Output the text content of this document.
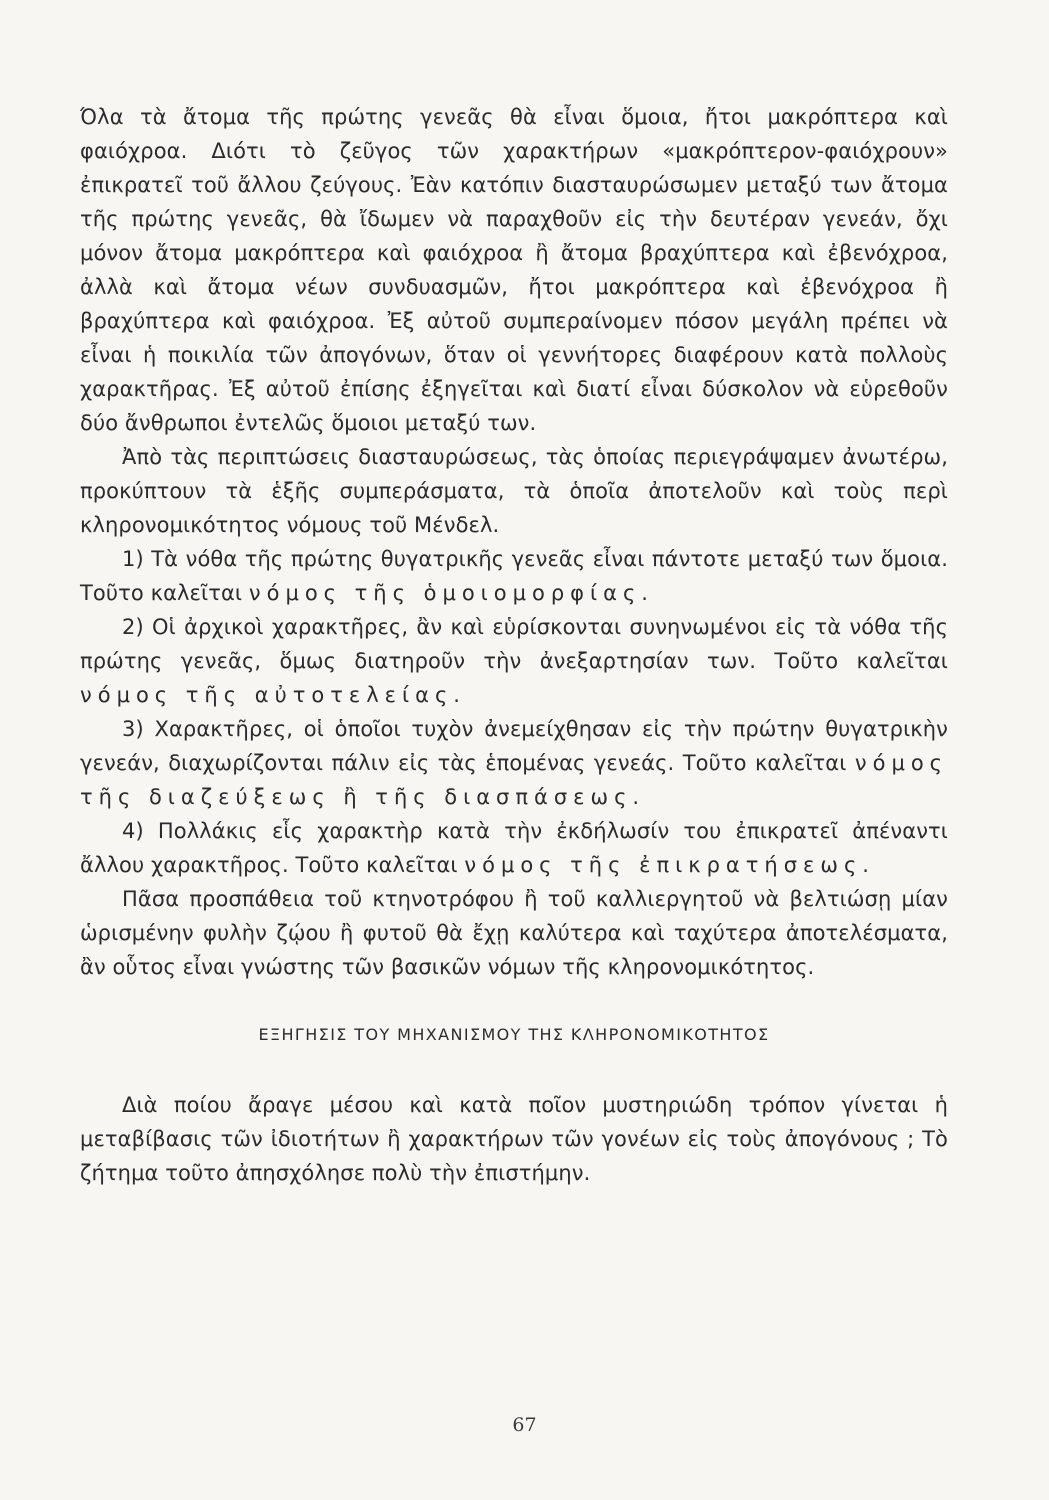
Όλα τὰ ἄτομα τῆς πρώτης γενεᾶς θὰ εἶναι ὅμοια, ἤτοι μακρόπτερα καὶ φαιόχροα. Διότι τὸ ζεῦγος τῶν χαρακτήρων «μακρόπτερον-φαιόχρουν» ἐπικρατεῖ τοῦ ἄλλου ζεύγους. Ἐὰν κατόπιν διασταυρώσωμεν μεταξύ των ἄτομα τῆς πρώτης γενεᾶς, θὰ ἴδωμεν νὰ παραχθοῦν εἰς τὴν δευτέραν γενεάν, ὄχι μόνον ἄτομα μακρόπτερα καὶ φαιόχροα ἢ ἄτομα βραχύπτερα καὶ ἐβενόχροα, ἀλλὰ καὶ ἄτομα νέων συνδυασμῶν, ἤτοι μακρόπτερα καὶ ἐβενόχροα ἢ βραχύπτερα καὶ φαιόχροα. Ἐξ αὐτοῦ συμπεραίνομεν πόσον μεγάλη πρέπει νὰ εἶναι ἡ ποικιλία τῶν ἀπογόνων, ὅταν οἱ γεννήτορες διαφέρουν κατὰ πολλοὺς χαρακτῆρας. Ἐξ αὐτοῦ ἐπίσης ἐξηγεῖται καὶ διατί εἶναι δύσκολον νὰ εὑρεθοῦν δύο ἄνθρωποι ἐντελῶς ὅμοιοι μεταξύ των.

Ἀπὸ τὰς περιπτώσεις διασταυρώσεως, τὰς ὁποίας περιεγράψαμεν ἀνωτέρω, προκύπτουν τὰ ἑξῆς συμπεράσματα, τὰ ὁποῖα ἀποτελοῦν καὶ τοὺς περὶ κληρονομικότητος νόμους τοῦ Μένδελ.

1) Τὰ νόθα τῆς πρώτης θυγατρικῆς γενεᾶς εἶναι πάντοτε μεταξύ των ὅμοια. Τοῦτο καλεῖται νόμος τῆς ὁμοιομορφίας.

2) Οἱ ἀρχικοὶ χαρακτῆρες, ἂν καὶ εὑρίσκονται συνηνωμένοι εἰς τὰ νόθα τῆς πρώτης γενεᾶς, ὅμως διατηροῦν τὴν ἀνεξαρτησίαν των. Τοῦτο καλεῖται νόμος τῆς αὐτοτελείας.

3) Χαρακτῆρες, οἱ ὁποῖοι τυχὸν ἀνεμείχθησαν εἰς τὴν πρώτην θυγατρικὴν γενεάν, διαχωρίζονται πάλιν εἰς τὰς ἑπομένας γενεάς. Τοῦτο καλεῖται νόμος τῆς διαζεύξεως ἢ τῆς διασπάσεως.

4) Πολλάκις εἷς χαρακτὴρ κατὰ τὴν ἐκδήλωσίν του ἐπικρατεῖ ἀπέναντι ἄλλου χαρακτῆρος. Τοῦτο καλεῖται νόμος τῆς ἐπικρατήσεως.

Πᾶσα προσπάθεια τοῦ κτηνοτρόφου ἢ τοῦ καλλιεργητοῦ νὰ βελτιώσῃ μίαν ὡρισμένην φυλὴν ζῴου ἢ φυτοῦ θὰ ἔχῃ καλύτερα καὶ ταχύτερα ἀποτελέσματα, ἂν οὗτος εἶναι γνώστης τῶν βασικῶν νόμων τῆς κληρονομικότητος.

ΕΞΗΓΗΣΙΣ ΤΟΥ ΜΗΧΑΝΙΣΜΟΥ ΤΗΣ ΚΛΗΡΟΝΟΜΙΚΟΤΗΤΟΣ

Διὰ ποίου ἄραγε μέσου καὶ κατὰ ποῖον μυστηριώδη τρόπον γίνεται ἡ μεταβίβασις τῶν ἰδιοτήτων ἢ χαρακτήρων τῶν γονέων εἰς τοὺς ἀπογόνους ; Τὸ ζήτημα τοῦτο ἀπησχόλησε πολὺ τὴν ἐπιστήμην.

67
